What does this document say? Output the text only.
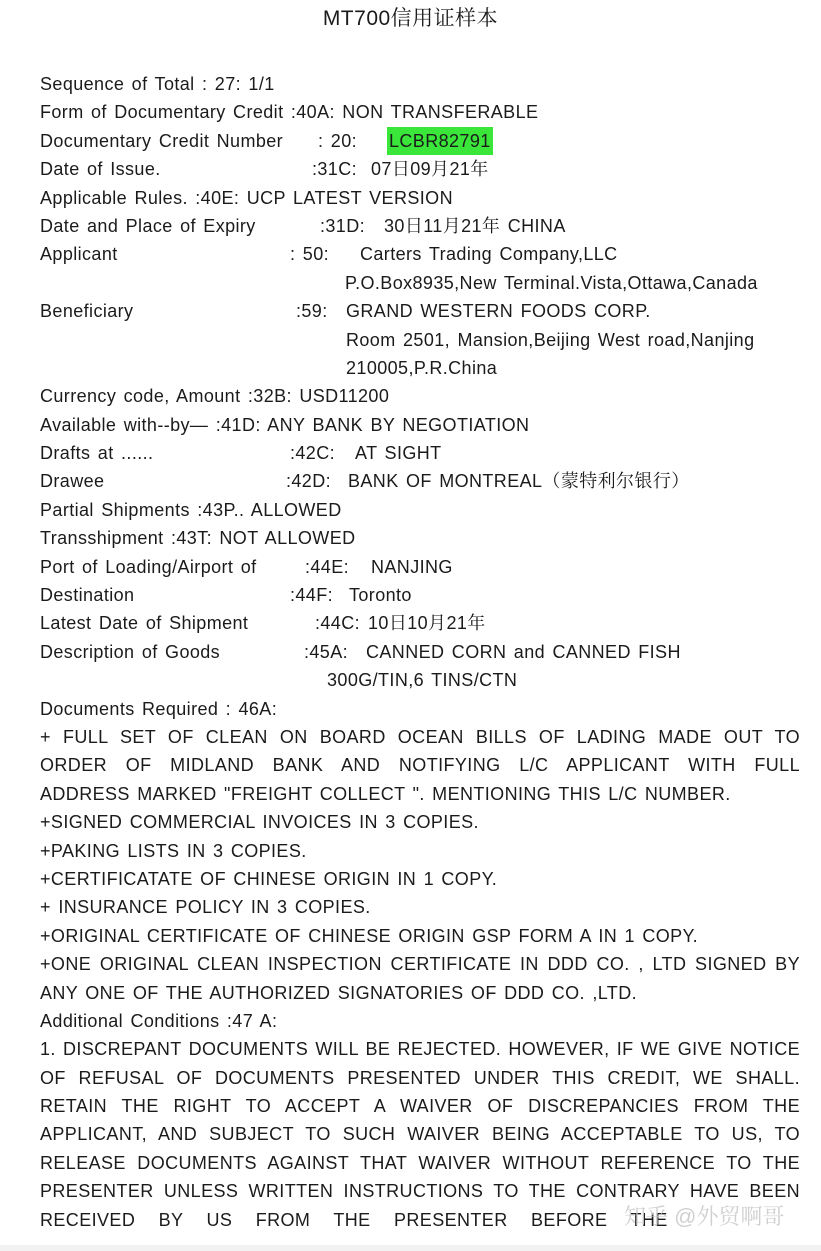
MT700信用证样本
Sequence of Total : 27: 1/1
Form of Documentary Credit :40A: NON TRANSFERABLE
Documentary Credit Number : 20: LCBR82791
Date of Issue.	:31C: 07日09月21年
Applicable Rules. :40E: UCP LATEST VERSION
Date and Place of Expiry	:31D: 30日11月21年 CHINA
Applicant	: 50: Carters Trading Company,LLC
P.O.Box8935,New Terminal.Vista,Ottawa,Canada
Beneficiary	:59: GRAND WESTERN FOODS CORP.
Room 2501, Mansion,Beijing West road,Nanjing
210005,P.R.China
Currency code, Amount :32B: USD11200
Available with--by— :41D: ANY BANK BY NEGOTIATION
Drafts at ......	:42C: AT SIGHT
Drawee	:42D: BANK OF MONTREAL（蒙特利尔银行）
Partial Shipments :43P.. ALLOWED
Transshipment :43T: NOT ALLOWED
Port of Loading/Airport of	:44E: NANJING
Destination	:44F: Toronto
Latest Date of Shipment	:44C: 10日10月21年
Description of Goods	:45A: CANNED CORN and CANNED FISH
300G/TIN,6 TINS/CTN
Documents Required : 46A:
+ FULL SET OF CLEAN ON BOARD OCEAN BILLS OF LADING MADE OUT TO
ORDER OF MIDLAND BANK AND NOTIFYING L/C APPLICANT WITH FULL
ADDRESS MARKED "FREIGHT COLLECT ". MENTIONING THIS L/C NUMBER.
+SIGNED COMMERCIAL INVOICES IN 3 COPIES.
+PAKING LISTS IN 3 COPIES.
+CERTIFICATATE OF CHINESE ORIGIN IN 1 COPY.
+ INSURANCE POLICY IN 3 COPIES.
+ORIGINAL CERTIFICATE OF CHINESE ORIGIN GSP FORM A IN 1 COPY.
+ONE ORIGINAL CLEAN INSPECTION CERTIFICATE IN DDD CO. , LTD SIGNED BY
ANY ONE OF THE AUTHORIZED SIGNATORIES OF DDD CO. ,LTD.
Additional Conditions :47 A:
1. DISCREPANT DOCUMENTS WILL BE REJECTED. HOWEVER, IF WE GIVE NOTICE
OF REFUSAL OF DOCUMENTS PRESENTED UNDER THIS CREDIT, WE SHALL.
RETAIN THE RIGHT TO ACCEPT A WAIVER OF DISCREPANCIES FROM THE
APPLICANT, AND SUBJECT TO SUCH WAIVER BEING ACCEPTABLE TO US, TO
RELEASE DOCUMENTS AGAINST THAT WAIVER WITHOUT REFERENCE TO THE
PRESENTER UNLESS WRITTEN INSTRUCTIONS TO THE CONTRARY HAVE BEEN
RECEIVED BY US FROM THE PRESENTER BEFORE THE
知乎 @外贸啊哥
